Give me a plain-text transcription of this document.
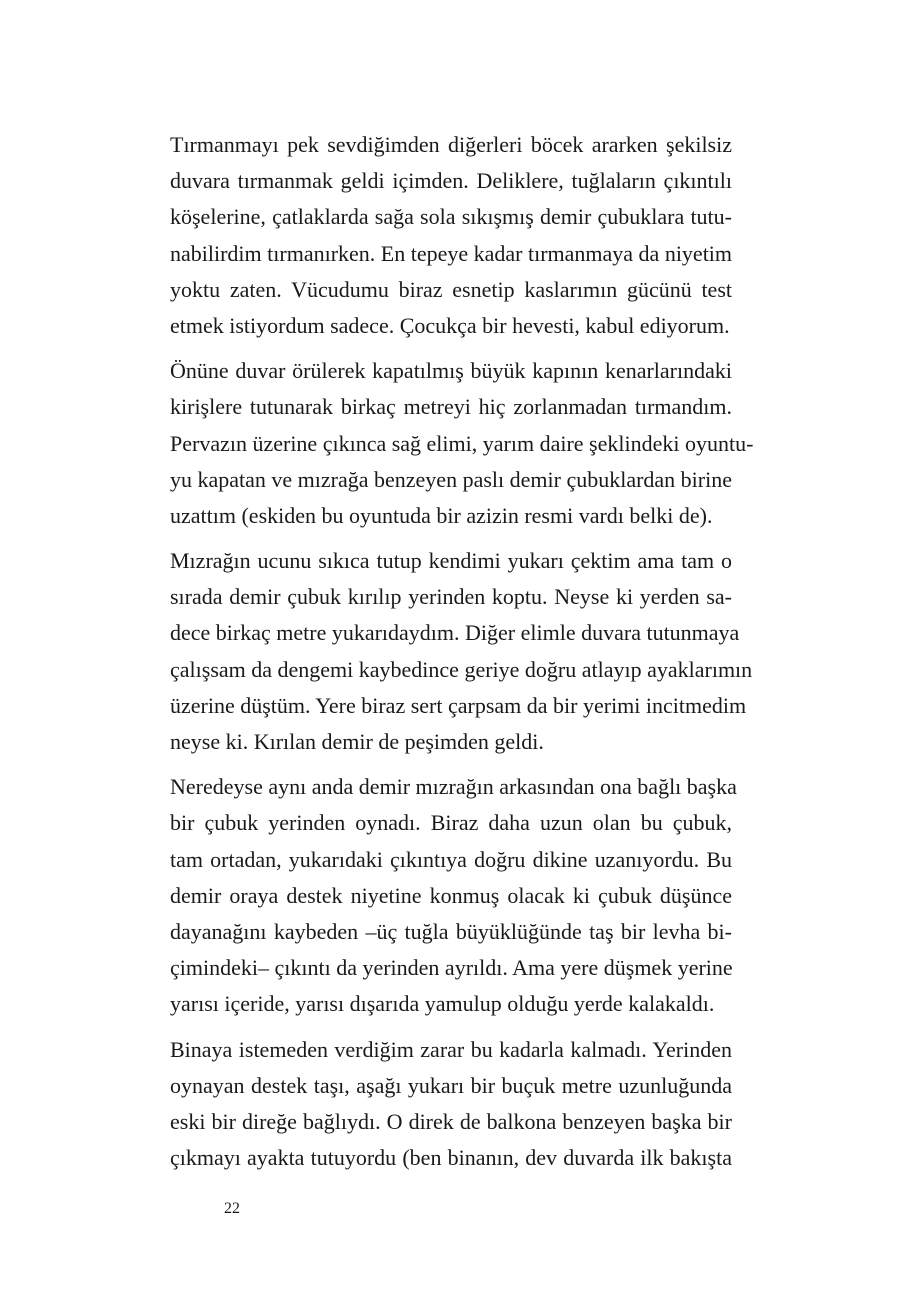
Tırmanmayı pek sevdiğimden diğerleri böcek ararken şekilsiz
duvara tırmanmak geldi içimden. Deliklere, tuğlaların çıkıntılı
köşelerine, çatlaklarda sağa sola sıkışmış demir çubuklara tutu-
nabilirdim tırmanırken. En tepeye kadar tırmanmaya da niyetim
yoktu zaten. Vücudumu biraz esnetip kaslarımın gücünü test
etmek istiyordum sadece. Çocukça bir hevesti, kabul ediyorum.
Önüne duvar örülerek kapatılmış büyük kapının kenarlarındaki
kirişlere tutunarak birkaç metreyi hiç zorlanmadan tırmandım.
Pervazın üzerine çıkınca sağ elimi, yarım daire şeklindeki oyuntu-
yu kapatan ve mızrağa benzeyen paslı demir çubuklardan birine
uzattım (eskiden bu oyuntuda bir azizin resmi vardı belki de).
Mızrağın ucunu sıkıca tutup kendimi yukarı çektim ama tam o
sırada demir çubuk kırılıp yerinden koptu. Neyse ki yerden sa-
dece birkaç metre yukarıdaydım. Diğer elimle duvara tutunmaya
çalışsam da dengemi kaybedince geriye doğru atlayıp ayaklarımın
üzerine düştüm. Yere biraz sert çarpsam da bir yerimi incitmedim
neyse ki. Kırılan demir de peşimden geldi.
Neredeyse aynı anda demir mızrağın arkasından ona bağlı başka
bir çubuk yerinden oynadı. Biraz daha uzun olan bu çubuk,
tam ortadan, yukarıdaki çıkıntıya doğru dikine uzanıyordu. Bu
demir oraya destek niyetine konmuş olacak ki çubuk düşünce
dayanağını kaybeden –üç tuğla büyüklüğünde taş bir levha bi-
çimindeki– çıkıntı da yerinden ayrıldı. Ama yere düşmek yerine
yarısı içeride, yarısı dışarıda yamulup olduğu yerde kalakaldı.
Binaya istemeden verdiğim zarar bu kadarla kalmadı. Yerinden
oynayan destek taşı, aşağı yukarı bir buçuk metre uzunluğunda
eski bir direğe bağlıydı. O direk de balkona benzeyen başka bir
çıkmayı ayakta tutuyordu (ben binanın, dev duvarda ilk bakışta
22
